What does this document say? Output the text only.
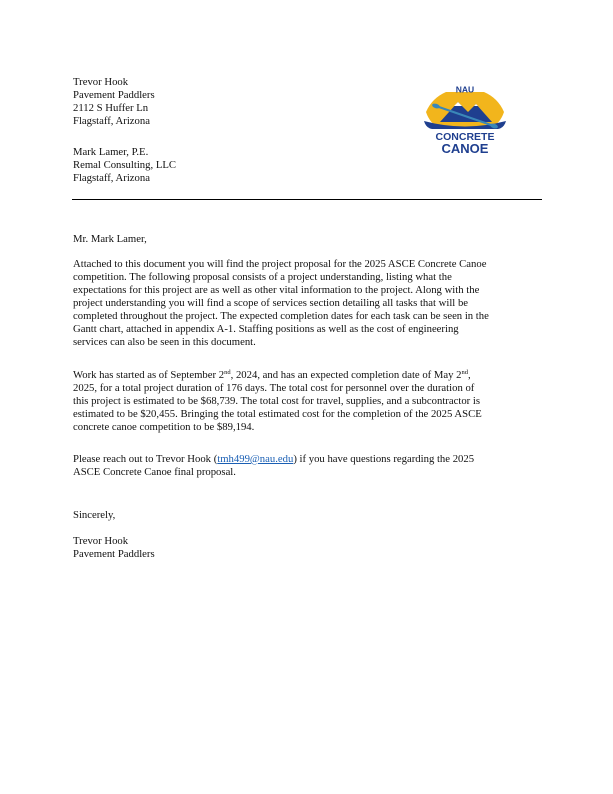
Trevor Hook
Pavement Paddlers
2112 S Huffer Ln
Flagstaff, Arizona
Mark Lamer, P.E.
Remal Consulting, LLC
Flagstaff, Arizona
NAU
CONCRETE
CANOE
Mr. Mark Lamer,
Attached to this document you will find the project proposal for the 2025 ASCE Concrete Canoe
competition. The following proposal consists of a project understanding, listing what the
expectations for this project are as well as other vital information to the project. Along with the
project understanding you will find a scope of services section detailing all tasks that will be
completed throughout the project. The expected completion dates for each task can be seen in the
Gantt chart, attached in appendix A-1. Staffing positions as well as the cost of engineering
services can also be seen in this document.
Work has started as of September 2nd, 2024, and has an expected completion date of May 2nd,
2025, for a total project duration of 176 days. The total cost for personnel over the duration of
this project is estimated to be $68,739. The total cost for travel, supplies, and a subcontractor is
estimated to be $20,455. Bringing the total estimated cost for the completion of the 2025 ASCE
concrete canoe competition to be $89,194.
Please reach out to Trevor Hook (tmh499@nau.edu) if you have questions regarding the 2025
ASCE Concrete Canoe final proposal.
Sincerely,
Trevor Hook
Pavement Paddlers
